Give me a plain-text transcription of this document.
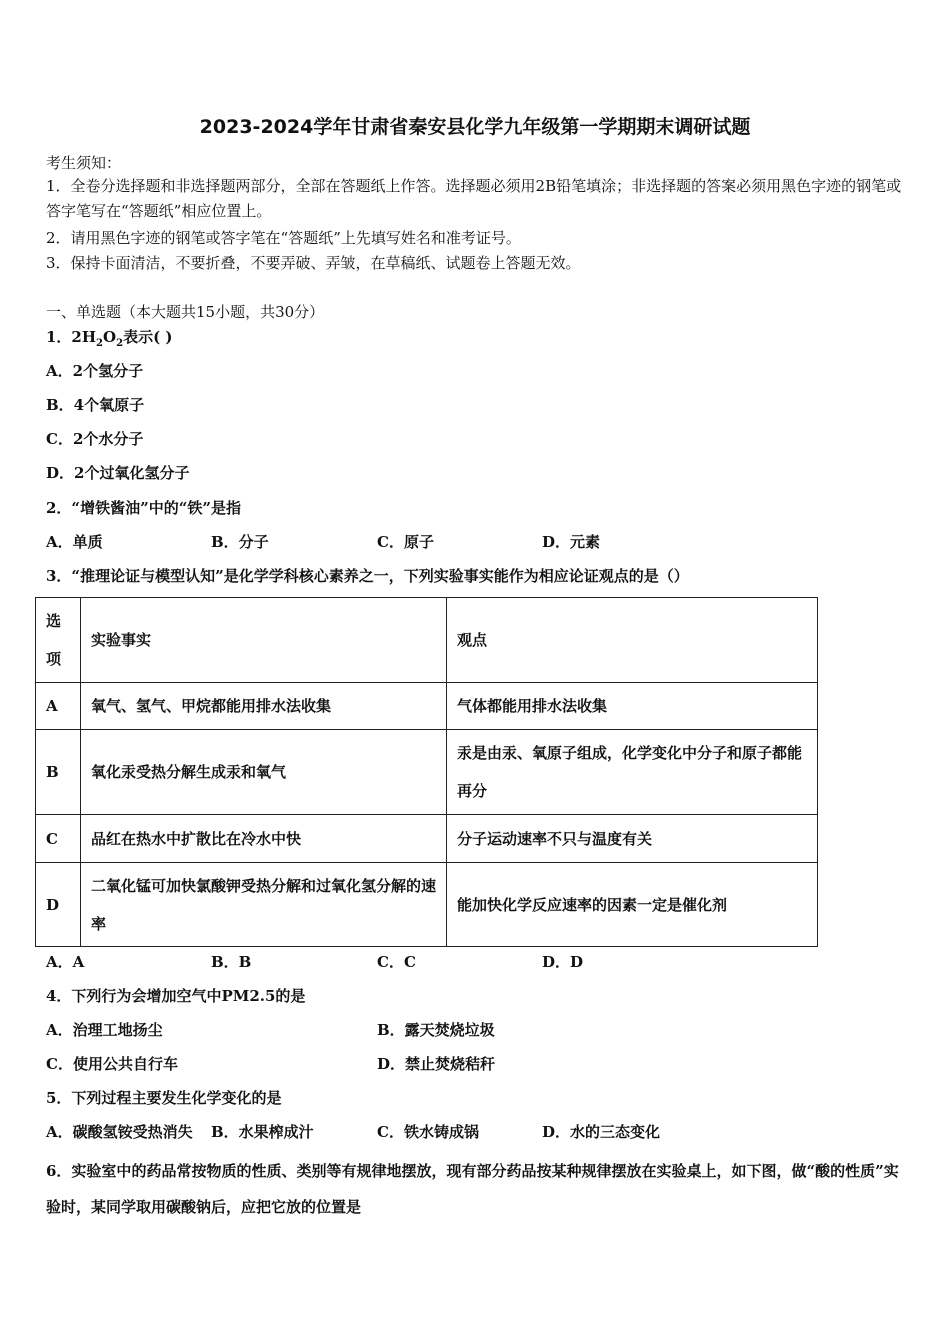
2023-2024学年甘肃省秦安县化学九年级第一学期期末调研试题
考生须知：
1．全卷分选择题和非选择题两部分，全部在答题纸上作答。选择题必须用2B铅笔填涂；非选择题的答案必须用黑色字迹的钢笔或答字笔写在“答题纸”相应位置上。
2．请用黑色字迹的钢笔或答字笔在“答题纸”上先填写姓名和准考证号。
3．保持卡面清洁，不要折叠，不要弄破、弄皱，在草稿纸、试题卷上答题无效。
一、单选题（本大题共15小题，共30分）
1．$2H_2O_2$表示( )
A．2个氢分子
B．4个氧原子
C．2个水分子
D．2个过氧化氢分子
2．“增铁酱油”中的“铁”是指
A．单质	B．分子	C．原子	D．元素
3．“推理论证与模型认知”是化学学科核心素养之一，下列实验事实能作为相应论证观点的是（）
选
项	实验事实	观点
A	氧气、氢气、甲烷都能用排水法收集	气体都能用排水法收集
B	氧化汞受热分解生成汞和氧气	汞是由汞、氧原子组成，化学变化中分子和原子都能再分
C	品红在热水中扩散比在冷水中快	分子运动速率不只与温度有关
D	二氧化锰可加快氯酸钾受热分解和过氧化氢分解的速率	能加快化学反应速率的因素一定是催化剂
A．A	B．B	C．C	D．D
4．下列行为会增加空气中PM2.5的是
A．治理工地扬尘	B．露天焚烧垃圾
C．使用公共自行车	D．禁止焚烧秸秆
5．下列过程主要发生化学变化的是
A．碳酸氢铵受热消失 B．水果榨成汁	C．铁水铸成锅	D．水的三态变化
6．实验室中的药品常按物质的性质、类别等有规律地摆放，现有部分药品按某种规律摆放在实验桌上，如下图，做“酸的性质”实验时，某同学取用碳酸钠后，应把它放的位置是
